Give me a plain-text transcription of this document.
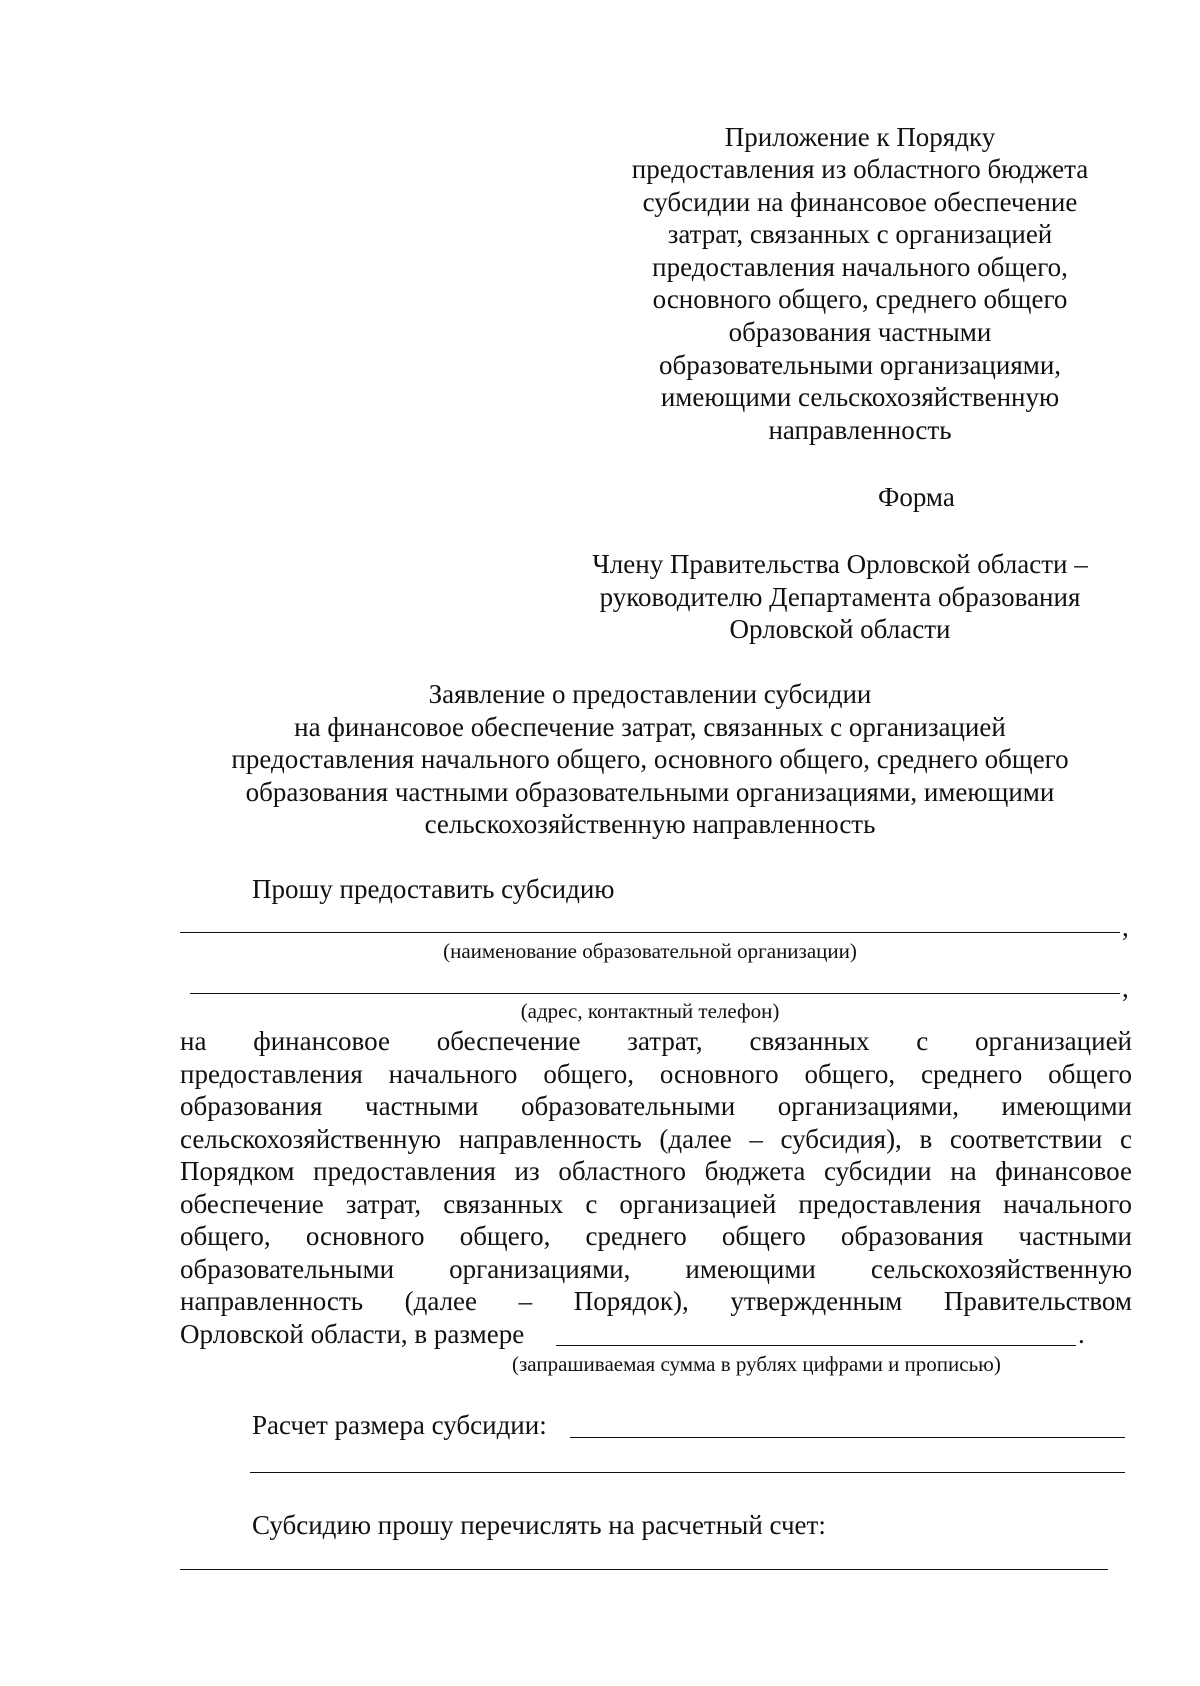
Приложение к Порядку
предоставления из областного бюджета
субсидии на финансовое обеспечение
затрат, связанных с организацией
предоставления начального общего,
основного общего, среднего общего
образования частными
образовательными организациями,
имеющими сельскохозяйственную
направленность
Форма
Члену Правительства Орловской области –
руководителю Департамента образования
Орловской области
Заявление о предоставлении субсидии
на финансовое обеспечение затрат, связанных с организацией
предоставления начального общего, основного общего, среднего общего
образования частными образовательными организациями, имеющими
сельскохозяйственную направленность
Прошу предоставить субсидию
,
(наименование образовательной организации)
,
(адрес, контактный телефон)
на финансовое обеспечение затрат, связанных с организацией
предоставления начального общего, основного общего, среднего общего
образования частными образовательными организациями, имеющими
сельскохозяйственную направленность (далее – субсидия), в соответствии с
Порядком предоставления из областного бюджета субсидии на финансовое
обеспечение затрат, связанных с организацией предоставления начального
общего, основного общего, среднего общего образования частными
образовательными организациями, имеющими сельскохозяйственную
направленность (далее – Порядок), утвержденным Правительством
Орловской области, в размере	.
(запрашиваемая сумма в рублях цифрами и прописью)
Расчет размера субсидии:
Субсидию прошу перечислять на расчетный счет:
